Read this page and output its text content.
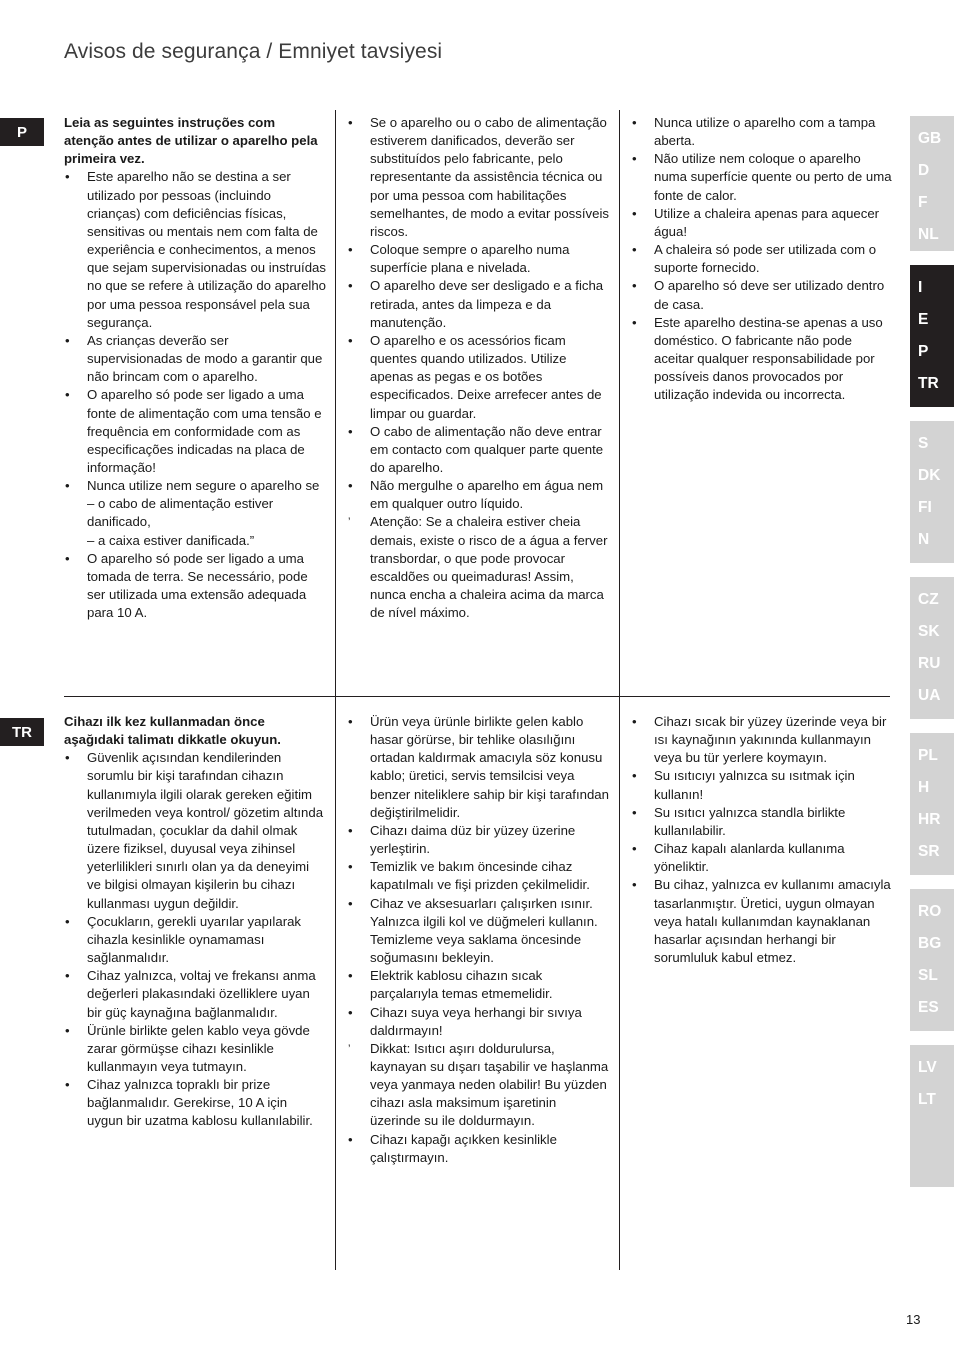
Avisos de segurança / Emniyet tavsiyesi
P

Leia as seguintes instruções com atenção antes de utilizar o aparelho pela primeira vez.

• Este aparelho não se destina a ser utilizado por pessoas (incluindo crianças) com deficiências físicas, sensitivas ou mentais nem com falta de experiência e conhecimentos, a menos que sejam supervisionadas ou instruídas no que se refere à utilização do aparelho por uma pessoa responsável pela sua segurança.
• As crianças deverão ser supervisionadas de modo a garantir que não brincam com o aparelho.
• O aparelho só pode ser ligado a uma fonte de alimentação com uma tensão e frequência em conformidade com as especificações indicadas na placa de informação!
• Nunca utilize nem segure o aparelho se
– o cabo de alimentação estiver danificado,
– a caixa estiver danificada.”
• O aparelho só pode ser ligado a uma tomada de terra. Se necessário, pode ser utilizada uma extensão adequada para 10 A.
• Se o aparelho ou o cabo de alimentação estiverem danificados, deverão ser substituídos pelo fabricante, pelo representante da assistência técnica ou por uma pessoa com habilitações semelhantes, de modo a evitar possíveis riscos.
• Coloque sempre o aparelho numa superfície plana e nivelada.
• O aparelho deve ser desligado e a ficha retirada, antes da limpeza e da manutenção.
• O aparelho e os acessórios ficam quentes quando utilizados. Utilize apenas as pegas e os botões especificados. Deixe arrefecer antes de limpar ou guardar.
• O cabo de alimentação não deve entrar em contacto com qualquer parte quente do aparelho.
• Não mergulhe o aparelho em água nem em qualquer outro líquido.
’ Atenção: Se a chaleira estiver cheia demais, existe o risco de a água a ferver transbordar, o que pode provocar escaldões ou queimaduras! Assim, nunca encha a chaleira acima da marca de nível máximo.
• Nunca utilize o aparelho com a tampa aberta.
• Não utilize nem coloque o aparelho numa superfície quente ou perto de uma fonte de calor.
• Utilize a chaleira apenas para aquecer água!
• A chaleira só pode ser utilizada com o suporte fornecido.
• O aparelho só deve ser utilizado dentro de casa.
• Este aparelho destina-se apenas a uso doméstico. O fabricante não pode aceitar qualquer responsabilidade por possíveis danos provocados por utilização indevida ou incorrecta.
TR

Cihazı ilk kez kullanmadan önce aşağıdaki talimatı dikkatle okuyun.

• Güvenlik açısından kendilerinden sorumlu bir kişi tarafından cihazın kullanımıyla ilgili olarak gereken eğitim verilmeden veya kontrol/ gözetim altında tutulmadan, çocuklar da dahil olmak üzere fiziksel, duyusal veya zihinsel yeterlilikleri sınırlı olan ya da deneyimi ve bilgisi olmayan kişilerin bu cihazı kullanması uygun değildir.
• Çocukların, gerekli uyarılar yapılarak cihazla kesinlikle oynamaması sağlanmalıdır.
• Cihaz yalnızca, voltaj ve frekansı anma değerleri plakasındaki özelliklere uyan bir güç kaynağına bağlanmalıdır.
• Ürünle birlikte gelen kablo veya gövde zarar görmüşse cihazı kesinlikle kullanmayın veya tutmayın.
• Cihaz yalnızca topraklı bir prize bağlanmalıdır. Gerekirse, 10 A için uygun bir uzatma kablosu kullanılabilir.
• Ürün veya ürünle birlikte gelen kablo hasar görürse, bir tehlike olasılığını ortadan kaldırmak amacıyla söz konusu kablo; üretici, servis temsilcisi veya benzer niteliklere sahip bir kişi tarafından değiştirilmelidir.
• Cihazı daima düz bir yüzey üzerine yerleştirin.
• Temizlik ve bakım öncesinde cihaz kapatılmalı ve fişi prizden çekilmelidir.
• Cihaz ve aksesuarları çalışırken ısınır. Yalnızca ilgili kol ve düğmeleri kullanın. Temizleme veya saklama öncesinde soğumasını bekleyin.
• Elektrik kablosu cihazın sıcak parçalarıyla temas etmemelidir.
• Cihazı suya veya herhangi bir sıvıya daldırmayın!
’ Dikkat: Isıtıcı aşırı doldurulursa, kaynayan su dışarı taşabilir ve haşlanma veya yanmaya neden olabilir! Bu yüzden cihazı asla maksimum işaretinin üzerinde su ile doldurmayın.
• Cihazı kapağı açıkken kesinlikle çalıştırmayın.
• Cihazı sıcak bir yüzey üzerinde veya bir ısı kaynağının yakınında kullanmayın veya bu tür yerlere koymayın.
• Su ısıtıcıyı yalnızca su ısıtmak için kullanın!
• Su ısıtıcı yalnızca standla birlikte kullanılabilir.
• Cihaz kapalı alanlarda kullanıma yöneliktir.
• Bu cihaz, yalnızca ev kullanımı amacıyla tasarlanmıştır. Üretici, uygun olmayan veya hatalı kullanımdan kaynaklanan hasarlar açısından herhangi bir sorumluluk kabul etmez.
GB
D
F
NL
I
E
P
TR
S
DK
FI
N
CZ
SK
RU
UA
PL
H
HR
SR
RO
BG
SL
ES
LV
LT
13
